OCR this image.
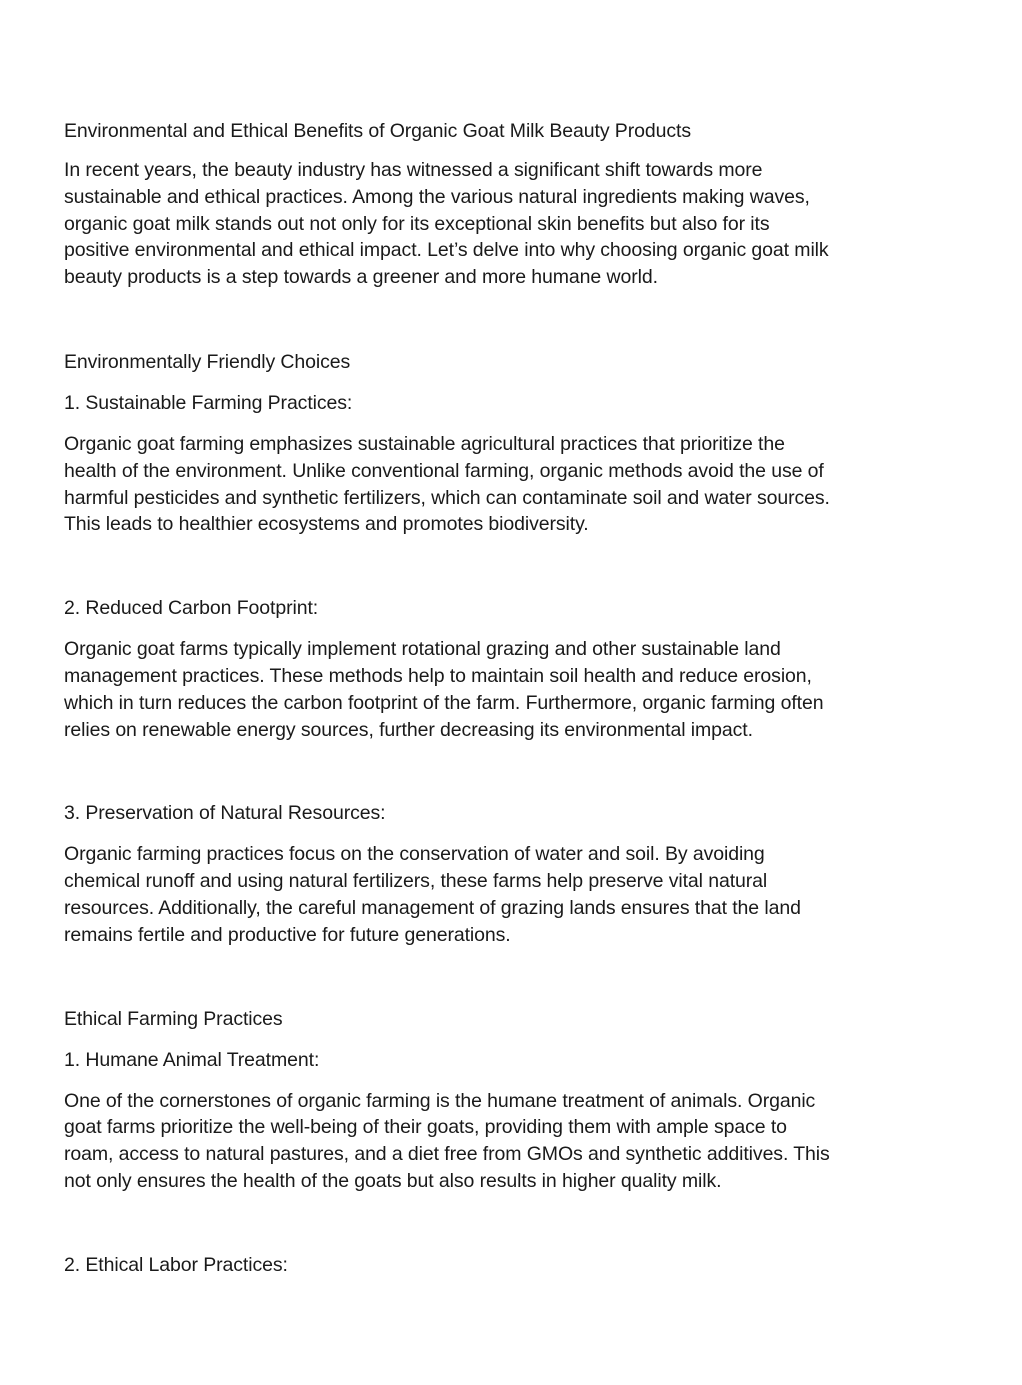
Environmental and Ethical Benefits of Organic Goat Milk Beauty Products

In recent years, the beauty industry has witnessed a significant shift towards more
sustainable and ethical practices. Among the various natural ingredients making waves,
organic goat milk stands out not only for its exceptional skin benefits but also for its
positive environmental and ethical impact. Let’s delve into why choosing organic goat milk
beauty products is a step towards a greener and more humane world.

Environmentally Friendly Choices

1. Sustainable Farming Practices:

Organic goat farming emphasizes sustainable agricultural practices that prioritize the
health of the environment. Unlike conventional farming, organic methods avoid the use of
harmful pesticides and synthetic fertilizers, which can contaminate soil and water sources.
This leads to healthier ecosystems and promotes biodiversity.

2. Reduced Carbon Footprint:

Organic goat farms typically implement rotational grazing and other sustainable land
management practices. These methods help to maintain soil health and reduce erosion,
which in turn reduces the carbon footprint of the farm. Furthermore, organic farming often
relies on renewable energy sources, further decreasing its environmental impact.

3. Preservation of Natural Resources:

Organic farming practices focus on the conservation of water and soil. By avoiding
chemical runoff and using natural fertilizers, these farms help preserve vital natural
resources. Additionally, the careful management of grazing lands ensures that the land
remains fertile and productive for future generations.

Ethical Farming Practices

1. Humane Animal Treatment:

One of the cornerstones of organic farming is the humane treatment of animals. Organic
goat farms prioritize the well-being of their goats, providing them with ample space to
roam, access to natural pastures, and a diet free from GMOs and synthetic additives. This
not only ensures the health of the goats but also results in higher quality milk.

2. Ethical Labor Practices:
